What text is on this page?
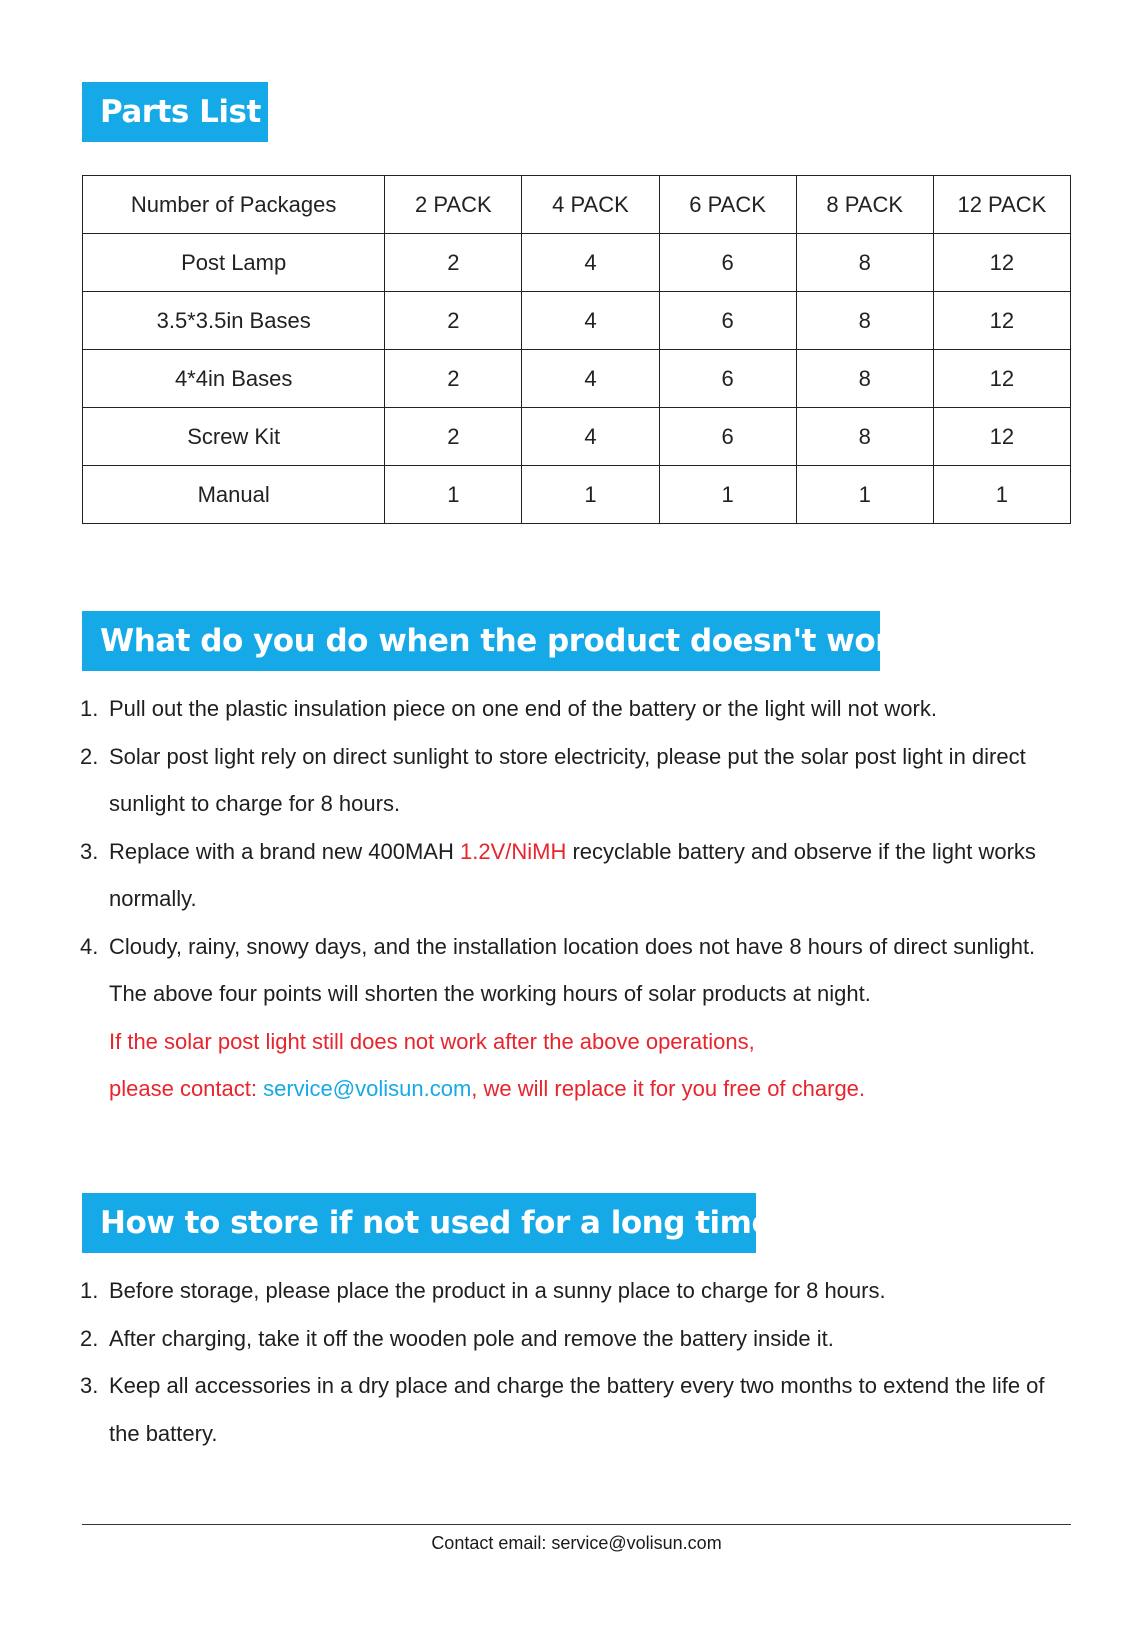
Parts List
Number of Packages	2 PACK	4 PACK	6 PACK	8 PACK	12 PACK
Post Lamp	2	4	6	8	12
3.5*3.5in Bases	2	4	6	8	12
4*4in Bases	2	4	6	8	12
Screw Kit	2	4	6	8	12
Manual	1	1	1	1	1
What do you do when the product doesn't work?
1. Pull out the plastic insulation piece on one end of the battery or the light will not work.
2. Solar post light rely on direct sunlight to store electricity, please put the solar post light in direct sunlight to charge for 8 hours.
3. Replace with a brand new 400MAH 1.2V/NiMH recyclable battery and observe if the light works normally.
4. Cloudy, rainy, snowy days, and the installation location does not have 8 hours of direct sunlight.
The above four points will shorten the working hours of solar products at night.
If the solar post light still does not work after the above operations,
please contact: service@volisun.com, we will replace it for you free of charge.
How to store if not used for a long time?
1. Before storage, please place the product in a sunny place to charge for 8 hours.
2. After charging, take it off the wooden pole and remove the battery inside it.
3. Keep all accessories in a dry place and charge the battery every two months to extend the life of the battery.
Contact email: service@volisun.com
